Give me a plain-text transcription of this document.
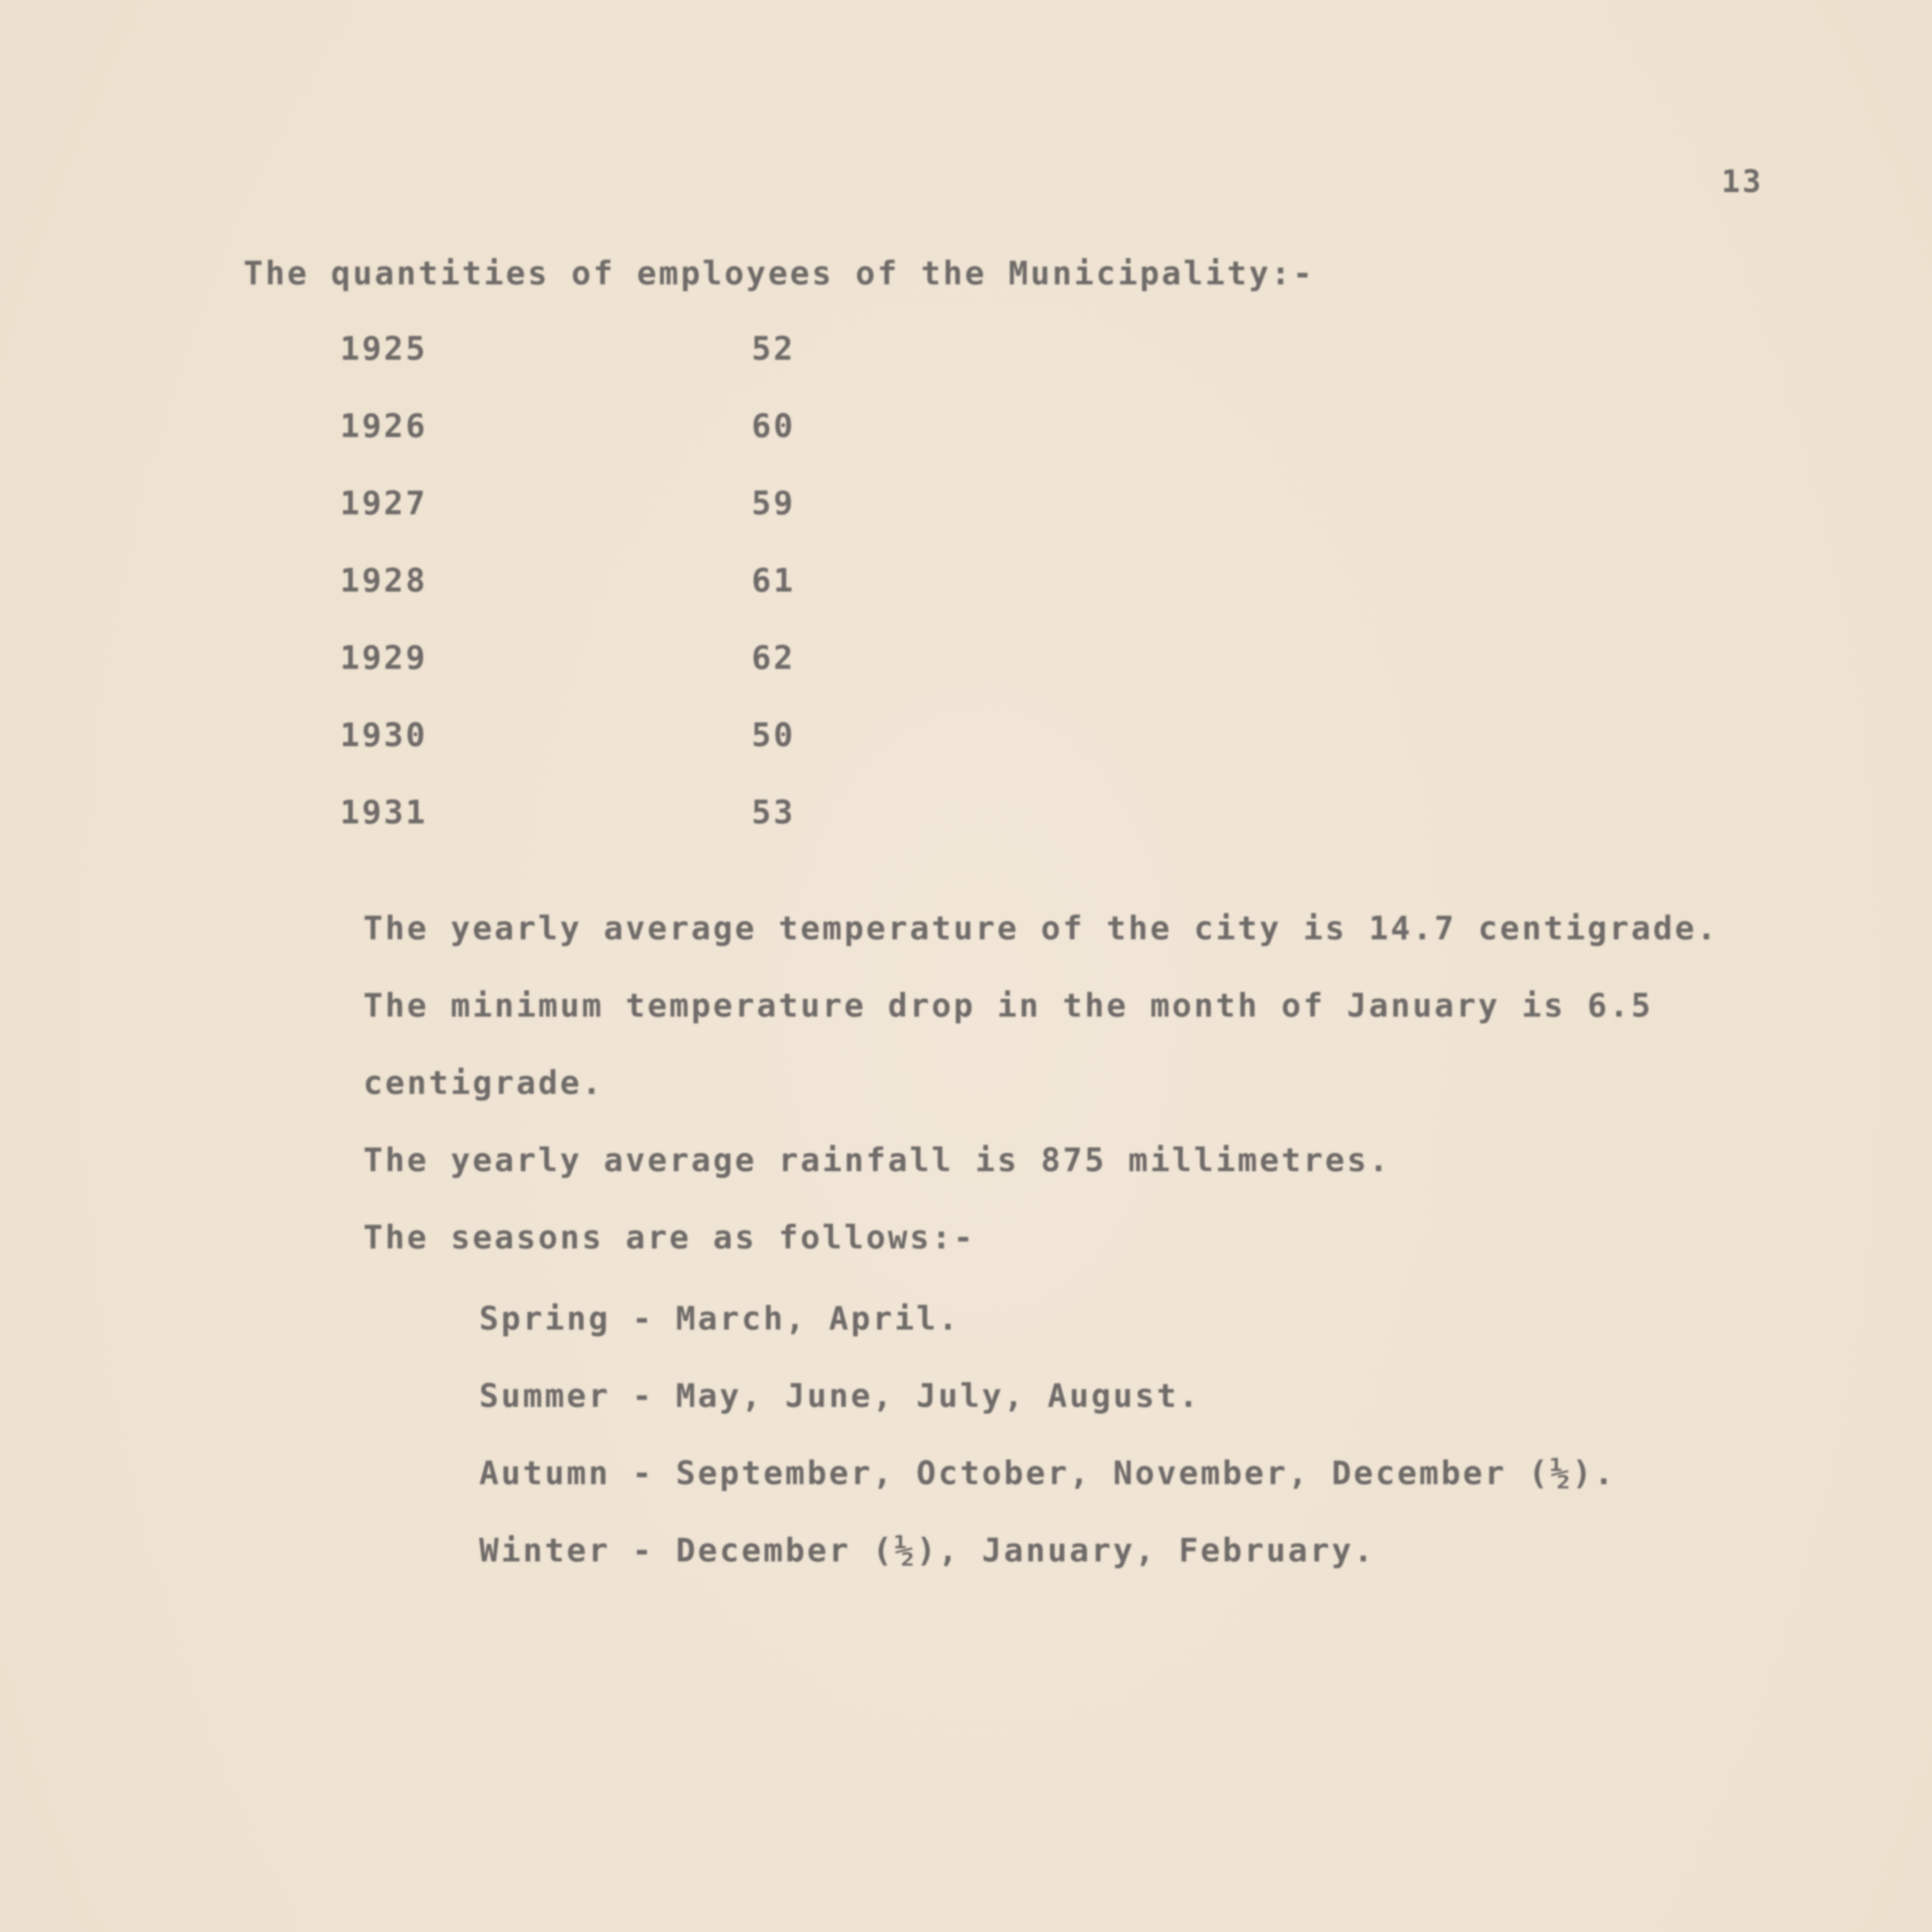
13
The quantities of employees of the Municipality:-
1925	52
1926	60
1927	59
1928	61
1929	62
1930	50
1931	53
The yearly average temperature of the city is 14.7 centigrade.
The minimum temperature drop in the month of January is 6.5
centigrade.
The yearly average rainfall is 875 millimetres.
The seasons are as follows:-
Spring - March, April.
Summer - May, June, July, August.
Autumn - September, October, November, December (½).
Winter - December (½), January, February.
